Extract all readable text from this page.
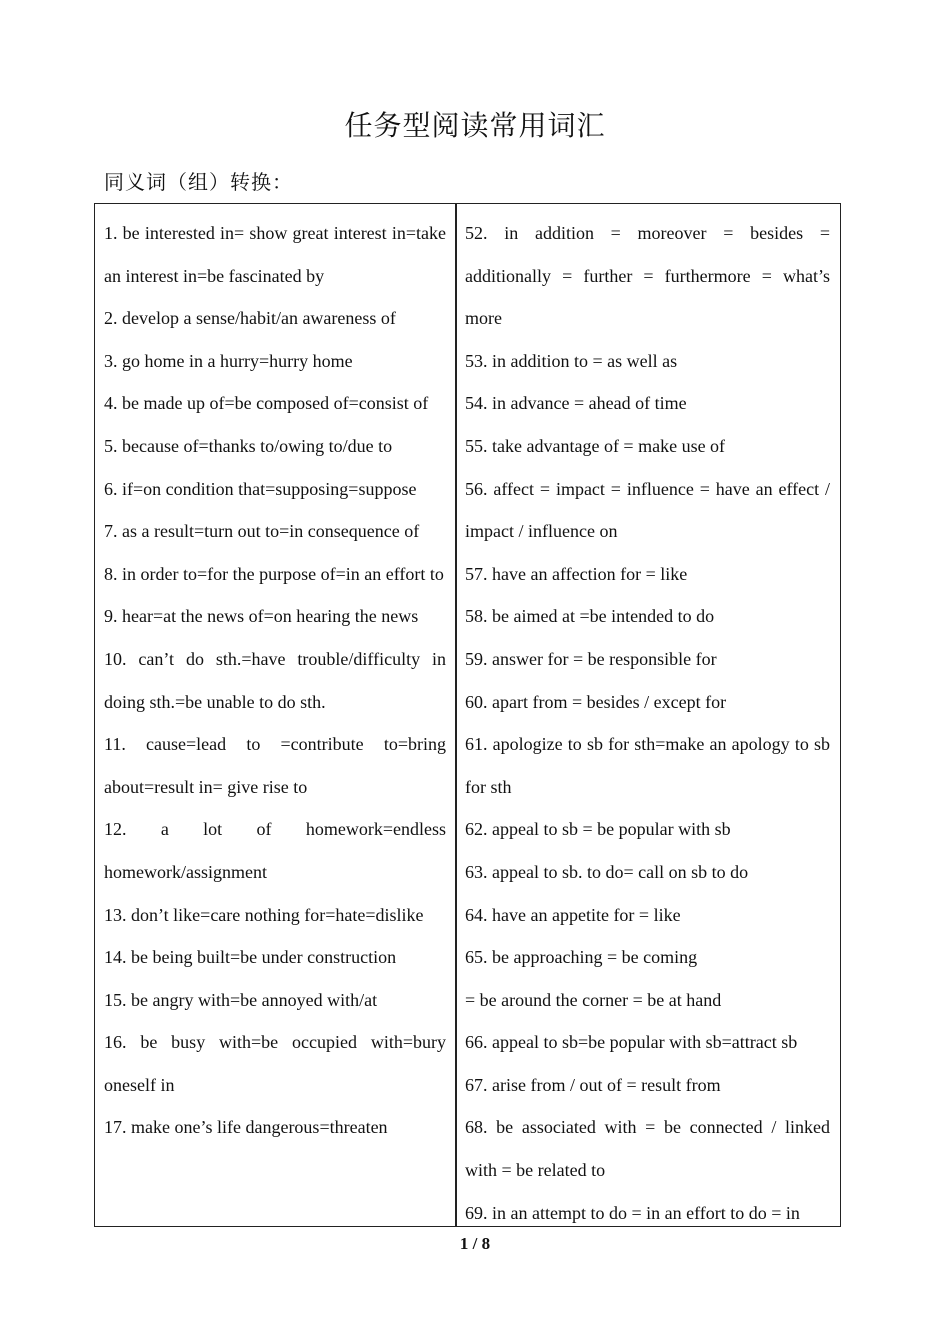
任务型阅读常用词汇
同义词（组）转换：

1. be interested in= show great interest in=take an interest in=be fascinated by

2. develop a sense/habit/an awareness of

3. go home in a hurry=hurry home

4. be made up of=be composed of=consist of

5. because of=thanks to/owing to/due to

6. if=on condition that=supposing=suppose

7. as a result=turn out to=in consequence of

8. in order to=for the purpose of=in an effort to

9. hear=at the news of=on hearing the news

10. can’t do sth.=have trouble/difficulty in doing sth.=be unable to do sth.

11. cause=lead to =contribute to=bring about=result in= give rise to

12. a lot of homework=endless homework/assignment

13. don’t like=care nothing for=hate=dislike

14. be being built=be under construction

15. be angry with=be annoyed with/at

16. be busy with=be occupied with=bury oneself in

17. make one’s life dangerous=threaten

52. in addition = moreover = besides = additionally = further = furthermore = what’s more

53. in addition to = as well as

54. in advance = ahead of time

55. take advantage of = make use of

56. affect = impact = influence = have an effect / impact / influence on

57. have an affection for = like

58. be aimed at =be intended to do

59. answer for = be responsible for

60. apart from = besides / except for

61. apologize to sb for sth=make an apology to sb for sth

62. appeal to sb = be popular with sb

63. appeal to sb. to do= call on sb to do

64. have an appetite for = like

65. be approaching = be coming

= be around the corner = be at hand

66. appeal to sb=be popular with sb=attract sb

67. arise from / out of = result from

68. be associated with = be connected / linked with = be related to

69. in an attempt to do = in an effort to do = in

1 / 8
